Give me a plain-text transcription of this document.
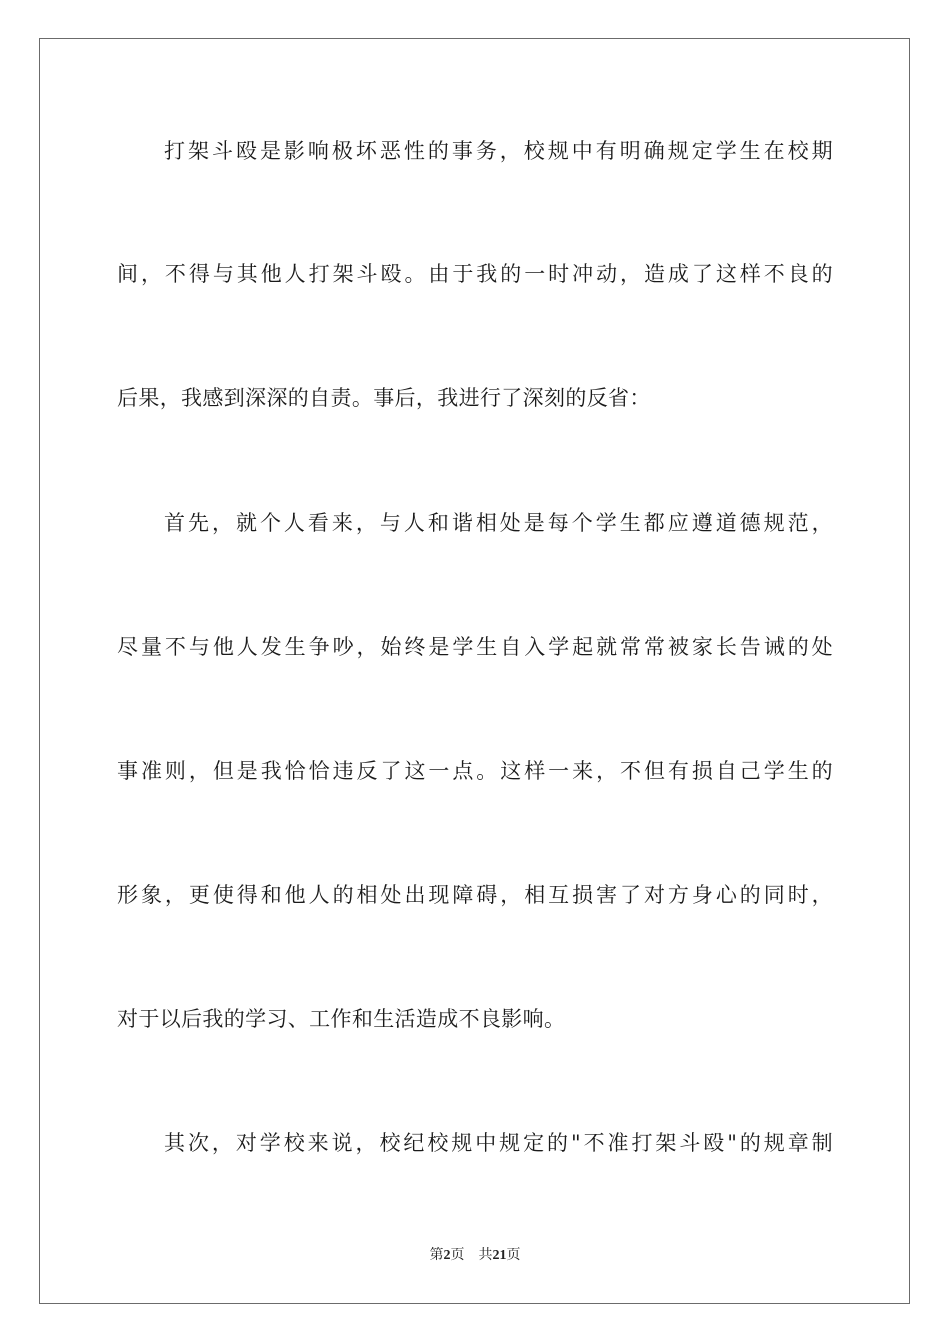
打架斗殴是影响极坏恶性的事务，校规中有明确规定学生在校期
间，不得与其他人打架斗殴。由于我的一时冲动，造成了这样不良的
后果，我感到深深的自责。事后，我进行了深刻的反省：
首先，就个人看来，与人和谐相处是每个学生都应遵道德规范，
尽量不与他人发生争吵，始终是学生自入学起就常常被家长告诫的处
事准则，但是我恰恰违反了这一点。这样一来，不但有损自己学生的
形象，更使得和他人的相处出现障碍，相互损害了对方身心的同时，
对于以后我的学习、工作和生活造成不良影响。
其次，对学校来说，校纪校规中规定的"不准打架斗殴"的规章制
第2页 共21页
